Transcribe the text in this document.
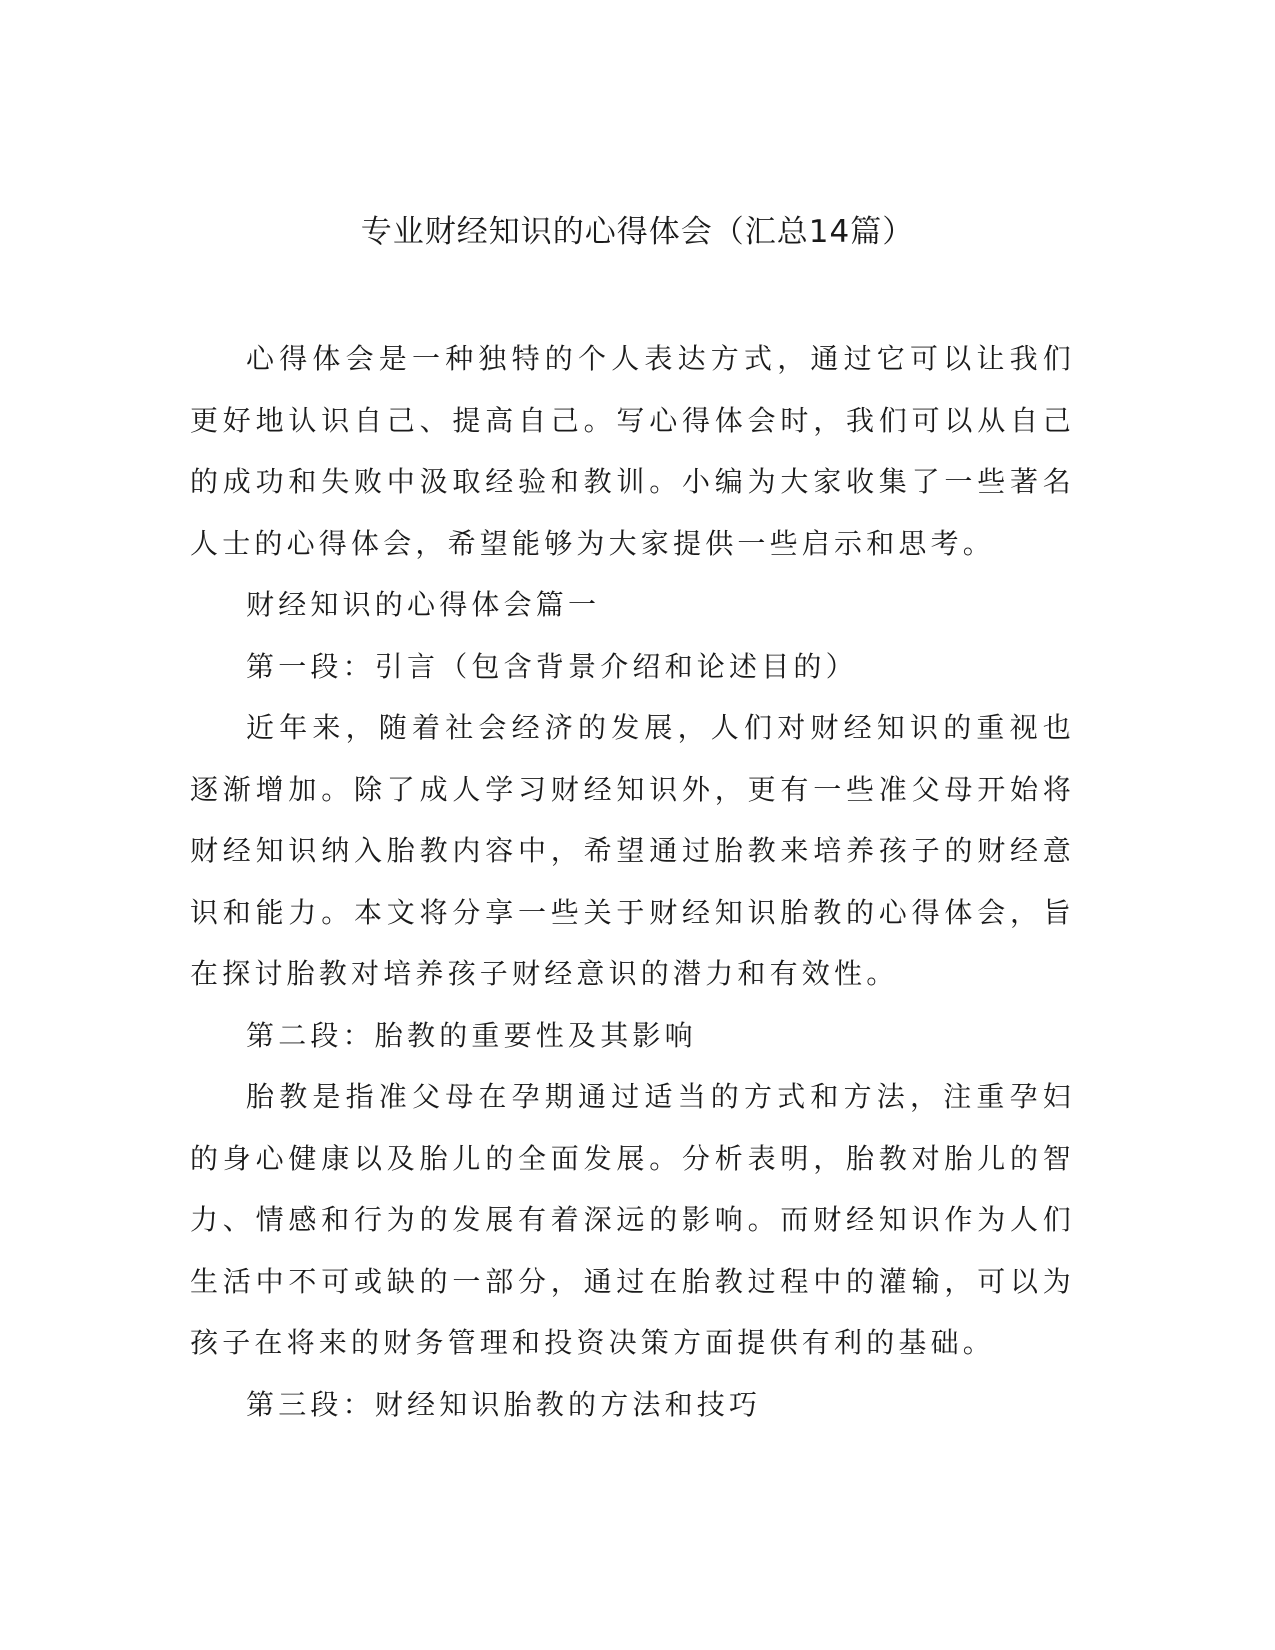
专业财经知识的心得体会（汇总14篇）

心得体会是一种独特的个人表达方式，通过它可以让我们更好地认识自己、提高自己。写心得体会时，我们可以从自己的成功和失败中汲取经验和教训。小编为大家收集了一些著名人士的心得体会，希望能够为大家提供一些启示和思考。

财经知识的心得体会篇一

第一段：引言（包含背景介绍和论述目的）

近年来，随着社会经济的发展，人们对财经知识的重视也逐渐增加。除了成人学习财经知识外，更有一些准父母开始将财经知识纳入胎教内容中，希望通过胎教来培养孩子的财经意识和能力。本文将分享一些关于财经知识胎教的心得体会，旨在探讨胎教对培养孩子财经意识的潜力和有效性。

第二段：胎教的重要性及其影响

胎教是指准父母在孕期通过适当的方式和方法，注重孕妇的身心健康以及胎儿的全面发展。分析表明，胎教对胎儿的智力、情感和行为的发展有着深远的影响。而财经知识作为人们生活中不可或缺的一部分，通过在胎教过程中的灌输，可以为孩子在将来的财务管理和投资决策方面提供有利的基础。

第三段：财经知识胎教的方法和技巧
